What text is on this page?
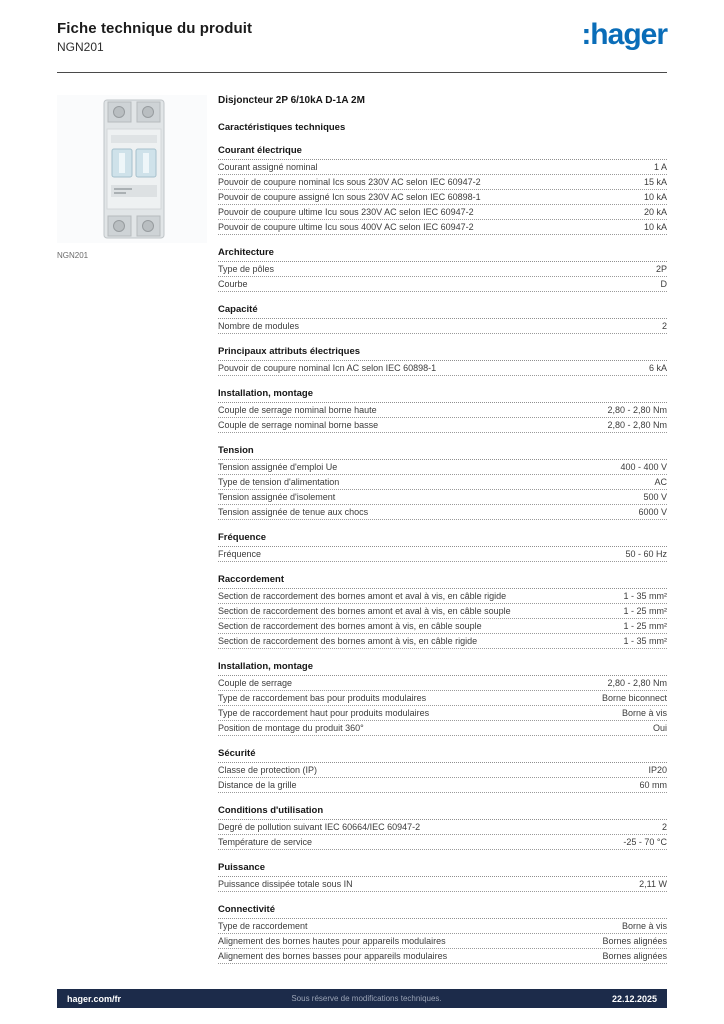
Fiche technique du produit
NGN201	:hager
NGN201

Disjoncteur 2P 6/10kA D-1A 2M

Caractéristiques techniques

Courant électrique
Courant assigné nominal	1 A
Pouvoir de coupure nominal Ics sous 230V AC selon IEC 60947-2	15 kA
Pouvoir de coupure assigné Icn sous 230V AC selon IEC 60898-1	10 kA
Pouvoir de coupure ultime Icu sous 230V AC selon IEC 60947-2	20 kA
Pouvoir de coupure ultime Icu sous 400V AC selon IEC 60947-2	10 kA
Architecture
Type de pôles	2P
Courbe	D
Capacité
Nombre de modules	2
Principaux attributs électriques
Pouvoir de coupure nominal Icn AC selon IEC 60898-1	6 kA
Installation, montage
Couple de serrage nominal borne haute	2,80 - 2,80 Nm
Couple de serrage nominal borne basse	2,80 - 2,80 Nm
Tension
Tension assignée d'emploi Ue	400 - 400 V
Type de tension d'alimentation	AC
Tension assignée d'isolement	500 V
Tension assignée de tenue aux chocs	6000 V
Fréquence
Fréquence	50 - 60 Hz
Raccordement
Section de raccordement des bornes amont et aval à vis, en câble rigide	1 - 35 mm²
Section de raccordement des bornes amont et aval à vis, en câble souple	1 - 25 mm²
Section de raccordement des bornes amont à vis, en câble souple	1 - 25 mm²
Section de raccordement des bornes amont à vis, en câble rigide	1 - 35 mm²
Installation, montage
Couple de serrage	2,80 - 2,80 Nm
Type de raccordement bas pour produits modulaires	Borne biconnect
Type de raccordement haut pour produits modulaires	Borne à vis
Position de montage du produit 360°	Oui
Sécurité
Classe de protection (IP)	IP20
Distance de la grille	60 mm
Conditions d'utilisation
Degré de pollution suivant IEC 60664/IEC 60947-2	2
Température de service	-25 - 70 °C
Puissance
Puissance dissipée totale sous IN	2,11 W
Connectivité
Type de raccordement	Borne à vis
Alignement des bornes hautes pour appareils modulaires	Bornes alignées
Alignement des bornes basses pour appareils modulaires	Bornes alignées
hager.com/fr	Sous réserve de modifications techniques.	22.12.2025
